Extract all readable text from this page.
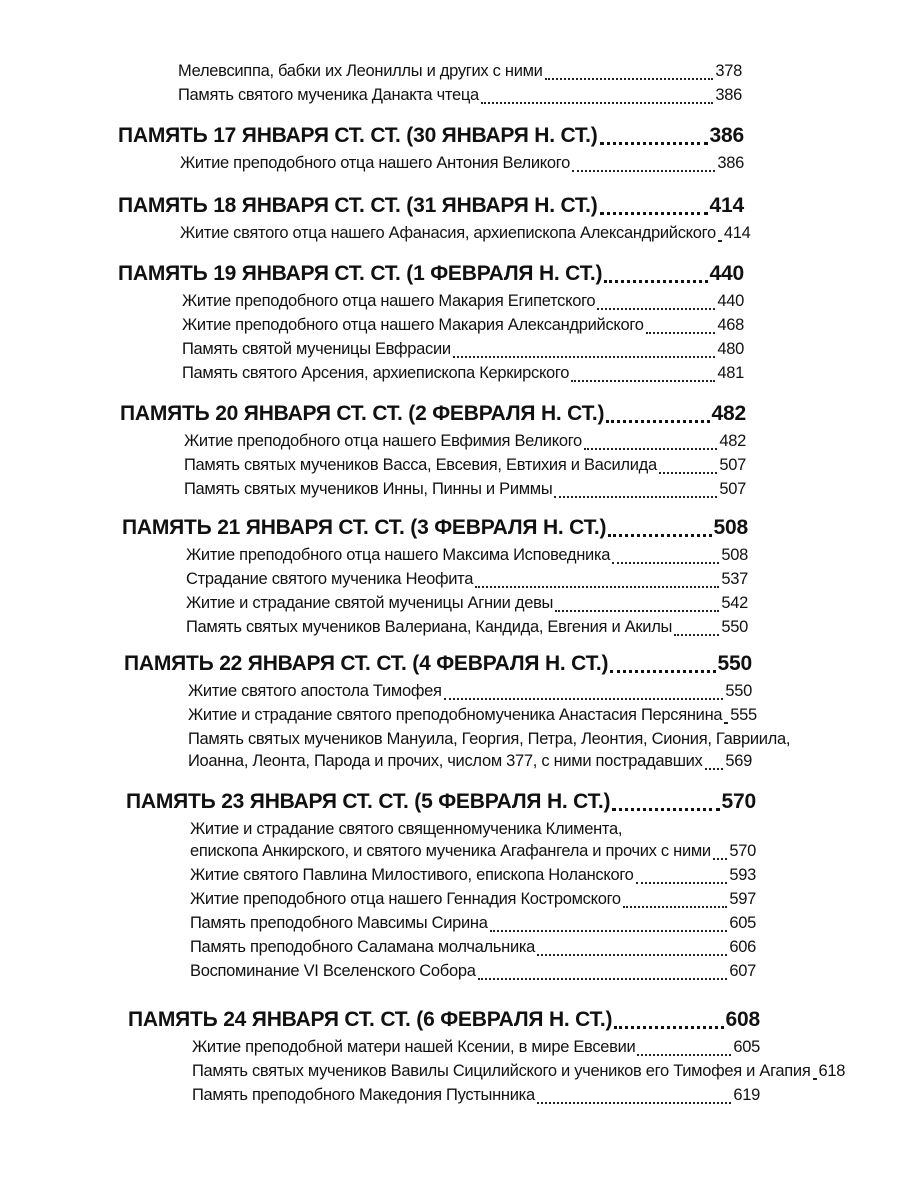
Мелевсиппа, бабки их Леониллы и других с ними	378
Память святого мученика Данакта чтеца	386
ПАМЯТЬ 17 ЯНВАРЯ СТ. СТ. (30 ЯНВАРЯ Н. СТ.)	386
Житие преподобного отца нашего Антония Великого	386
ПАМЯТЬ 18 ЯНВАРЯ СТ. СТ. (31 ЯНВАРЯ Н. СТ.)	414
Житие святого отца нашего Афанасия, архиепископа Александрийского 414
ПАМЯТЬ 19 ЯНВАРЯ СТ. СТ. (1 ФЕВРАЛЯ Н. СТ.)	440
Житие преподобного отца нашего Макария Египетского	440
Житие преподобного отца нашего Макария Александрийского	468
Память святой мученицы Евфрасии	480
Память святого Арсения, архиепископа Керкирского	481
ПАМЯТЬ 20 ЯНВАРЯ СТ. СТ. (2 ФЕВРАЛЯ Н. СТ.)	482
Житие преподобного отца нашего Евфимия Великого	482
Память святых мучеников Васса, Евсевия, Евтихия и Василида	507
Память святых мучеников Инны, Пинны и Риммы	507
ПАМЯТЬ 21 ЯНВАРЯ СТ. СТ. (3 ФЕВРАЛЯ Н. СТ.)	508
Житие преподобного отца нашего Максима Исповедника	508
Страдание святого мученика Неофита	537
Житие и страдание святой мученицы Агнии девы	542
Память святых мучеников Валериана, Кандида, Евгения и Акилы	550
ПАМЯТЬ 22 ЯНВАРЯ СТ. СТ. (4 ФЕВРАЛЯ Н. СТ.)	550
Житие святого апостола Тимофея	550
Житие и страдание святого преподобномученика Анастасия Персянина 555
Память святых мучеников Мануила, Георгия, Петра, Леонтия, Сиония, Гавриила,
Иоанна, Леонта, Парода и прочих, числом 377, с ними пострадавших 569
ПАМЯТЬ 23 ЯНВАРЯ СТ. СТ. (5 ФЕВРАЛЯ Н. СТ.)	570
Житие и страдание святого священномученика Климента,
епископа Анкирского, и святого мученика Агафангела и прочих с ними 570
Житие святого Павлина Милостивого, епископа Ноланского	593
Житие преподобного отца нашего Геннадия Костромского	597
Память преподобного Мавсимы Сирина	605
Память преподобного Саламана молчальника	606
Воспоминание VI Вселенского Собора	607
ПАМЯТЬ 24 ЯНВАРЯ СТ. СТ. (6 ФЕВРАЛЯ Н. СТ.)	608
Житие преподобной матери нашей Ксении, в мире Евсевии	605
Память святых мучеников Вавилы Сицилийского и учеников его Тимофея и Агапия 618
Память преподобного Македония Пустынника	619
